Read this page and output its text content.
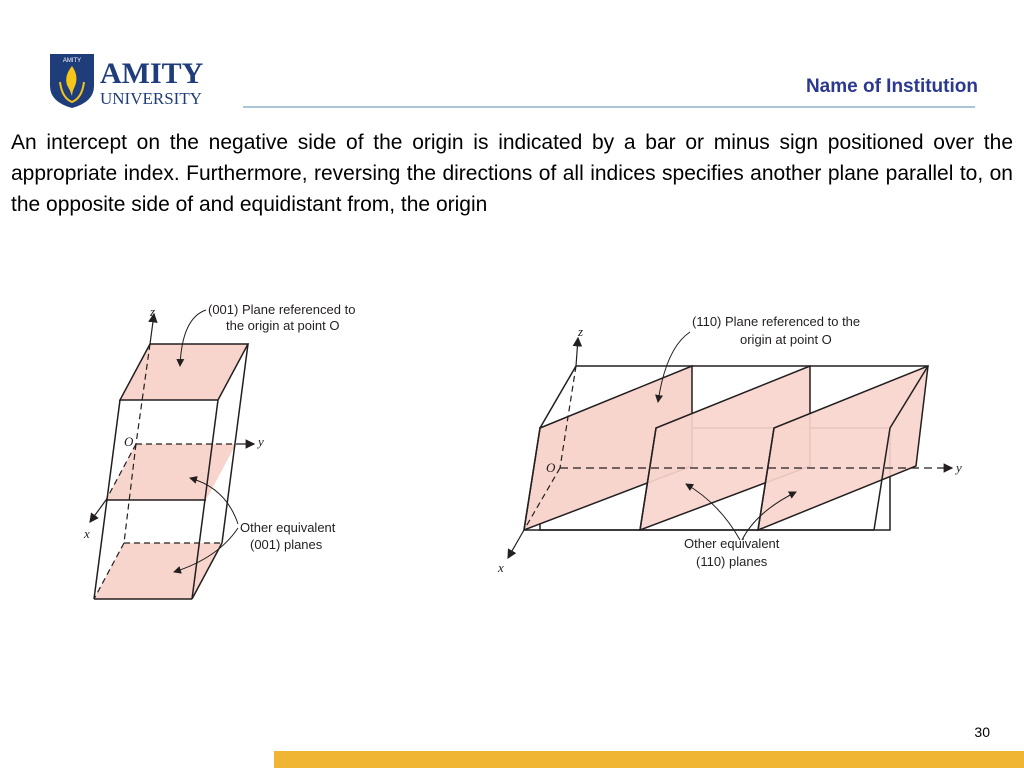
AMITY AMITY
UNIVERSITY
Name of Institution

An intercept on the negative side of the origin is indicated by a bar or minus sign positioned over the appropriate index. Furthermore, reversing the directions of all indices specifies another plane parallel to, on the opposite side of and equidistant from, the origin

z
y
x
O
(001) Plane referenced to
the origin at point O
Other equivalent
(001) planes
z
y
x
O
(110) Plane referenced to the
origin at point O
Other equivalent
(110) planes
30
